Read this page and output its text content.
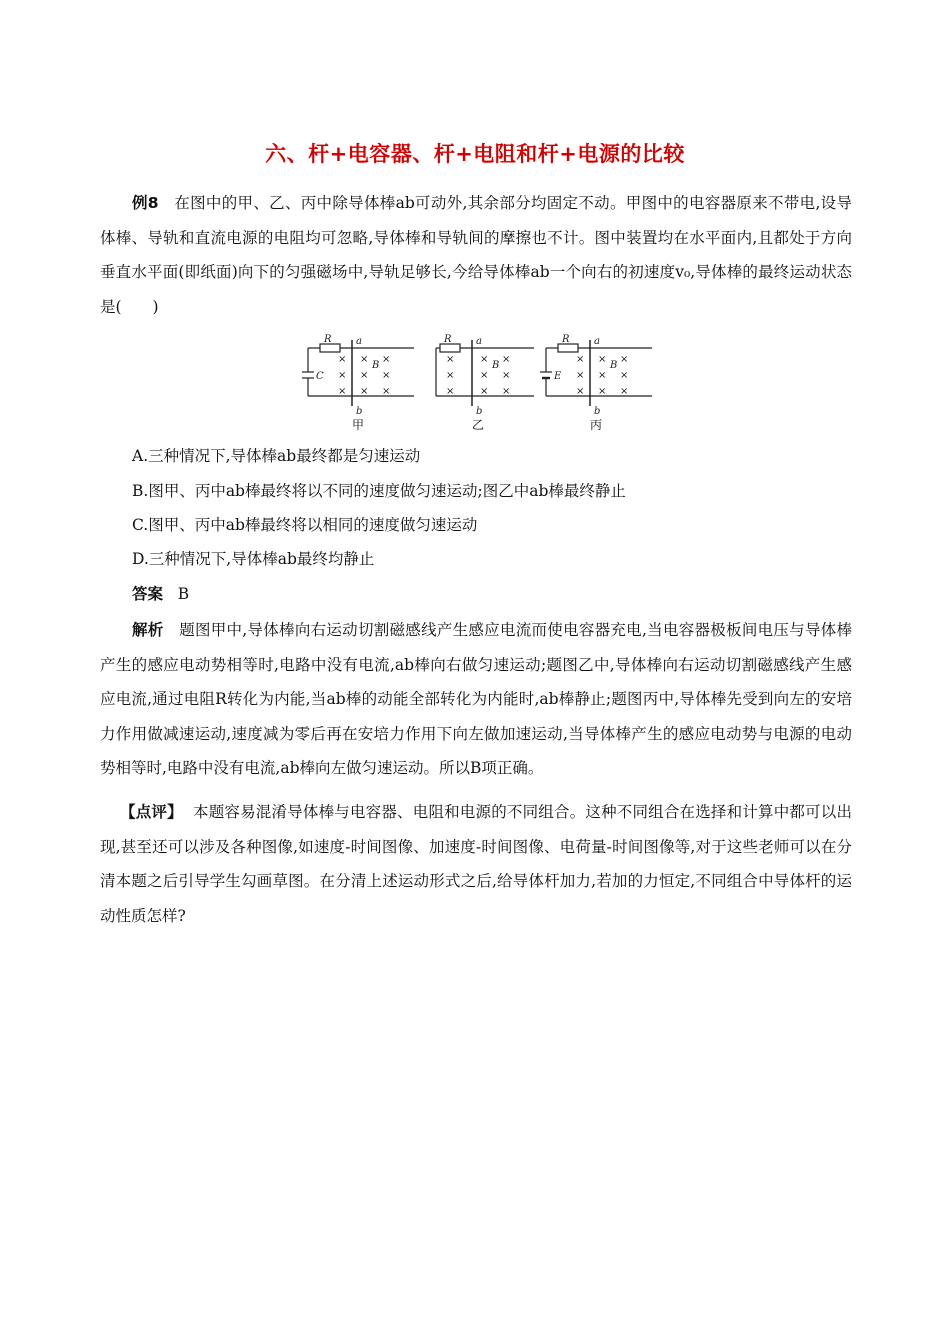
六、杆+电容器、杆+电阻和杆+电源的比较
例8 在图中的甲、乙、丙中除导体棒ab可动外,其余部分均固定不动。甲图中的电容器原来不带电,设导体棒、导轨和直流电源的电阻均可忽略,导体棒和导轨间的摩擦也不计。图中装置均在水平面内,且都处于方向垂直水平面(即纸面)向下的匀强磁场中,导轨足够长,今给导体棒ab一个向右的初速度v₀,导体棒的最终运动状态是(　　)
R a
b
C
B
× × ×
× × ×
× × ×
甲
R a
b
B
×	× ×
×	× ×
×	× ×
乙
R a
b
E
B
× × ×
× × ×
× × ×
丙
A.三种情况下,导体棒ab最终都是匀速运动
B.图甲、丙中ab棒最终将以不同的速度做匀速运动;图乙中ab棒最终静止
C.图甲、丙中ab棒最终将以相同的速度做匀速运动
D.三种情况下,导体棒ab最终均静止
答案 B
解析 题图甲中,导体棒向右运动切割磁感线产生感应电流而使电容器充电,当电容器极板间电压与导体棒产生的感应电动势相等时,电路中没有电流,ab棒向右做匀速运动;题图乙中,导体棒向右运动切割磁感线产生感应电流,通过电阻R转化为内能,当ab棒的动能全部转化为内能时,ab棒静止;题图丙中,导体棒先受到向左的安培力作用做减速运动,速度减为零后再在安培力作用下向左做加速运动,当导体棒产生的感应电动势与电源的电动势相等时,电路中没有电流,ab棒向左做匀速运动。所以B项正确。
【点评】 本题容易混淆导体棒与电容器、电阻和电源的不同组合。这种不同组合在选择和计算中都可以出现,甚至还可以涉及各种图像,如速度-时间图像、加速度-时间图像、电荷量-时间图像等,对于这些老师可以在分清本题之后引导学生勾画草图。在分清上述运动形式之后,给导体杆加力,若加的力恒定,不同组合中导体杆的运动性质怎样?
